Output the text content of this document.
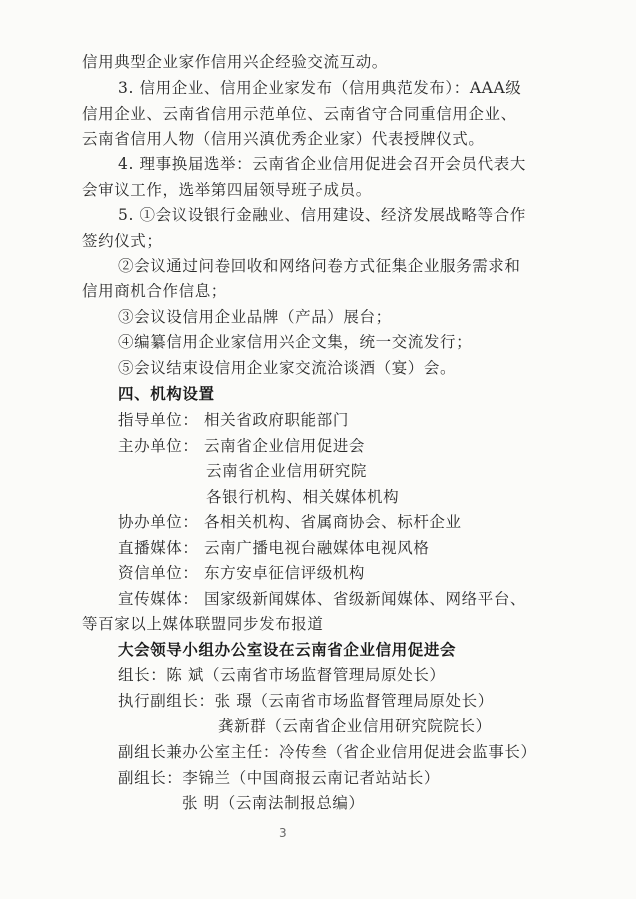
信用典型企业家作信用兴企经验交流互动。
3. 信用企业、信用企业家发布（信用典范发布）：AAA级
信用企业、云南省信用示范单位、云南省守合同重信用企业、
云南省信用人物（信用兴滇优秀企业家）代表授牌仪式。
4. 理事换届选举：云南省企业信用促进会召开会员代表大
会审议工作，选举第四届领导班子成员。
5. ①会议设银行金融业、信用建设、经济发展战略等合作
签约仪式；
②会议通过问卷回收和网络问卷方式征集企业服务需求和
信用商机合作信息；
③会议设信用企业品牌（产品）展台；
④编纂信用企业家信用兴企文集，统一交流发行；
⑤会议结束设信用企业家交流洽谈酒（宴）会。
四、机构设置
指导单位： 相关省政府职能部门
主办单位： 云南省企业信用促进会
云南省企业信用研究院
各银行机构、相关媒体机构
协办单位： 各相关机构、省属商协会、标杆企业
直播媒体： 云南广播电视台融媒体电视风格
资信单位： 东方安卓征信评级机构
宣传媒体： 国家级新闻媒体、省级新闻媒体、网络平台、
等百家以上媒体联盟同步发布报道
大会领导小组办公室设在云南省企业信用促进会
组长：陈 斌（云南省市场监督管理局原处长）
执行副组长：张 璟（云南省市场监督管理局原处长）
龚新群（云南省企业信用研究院院长）
副组长兼办公室主任：冷传叁（省企业信用促进会监事长）
副组长：李锦兰（中国商报云南记者站站长）
张 明（云南法制报总编）
3
